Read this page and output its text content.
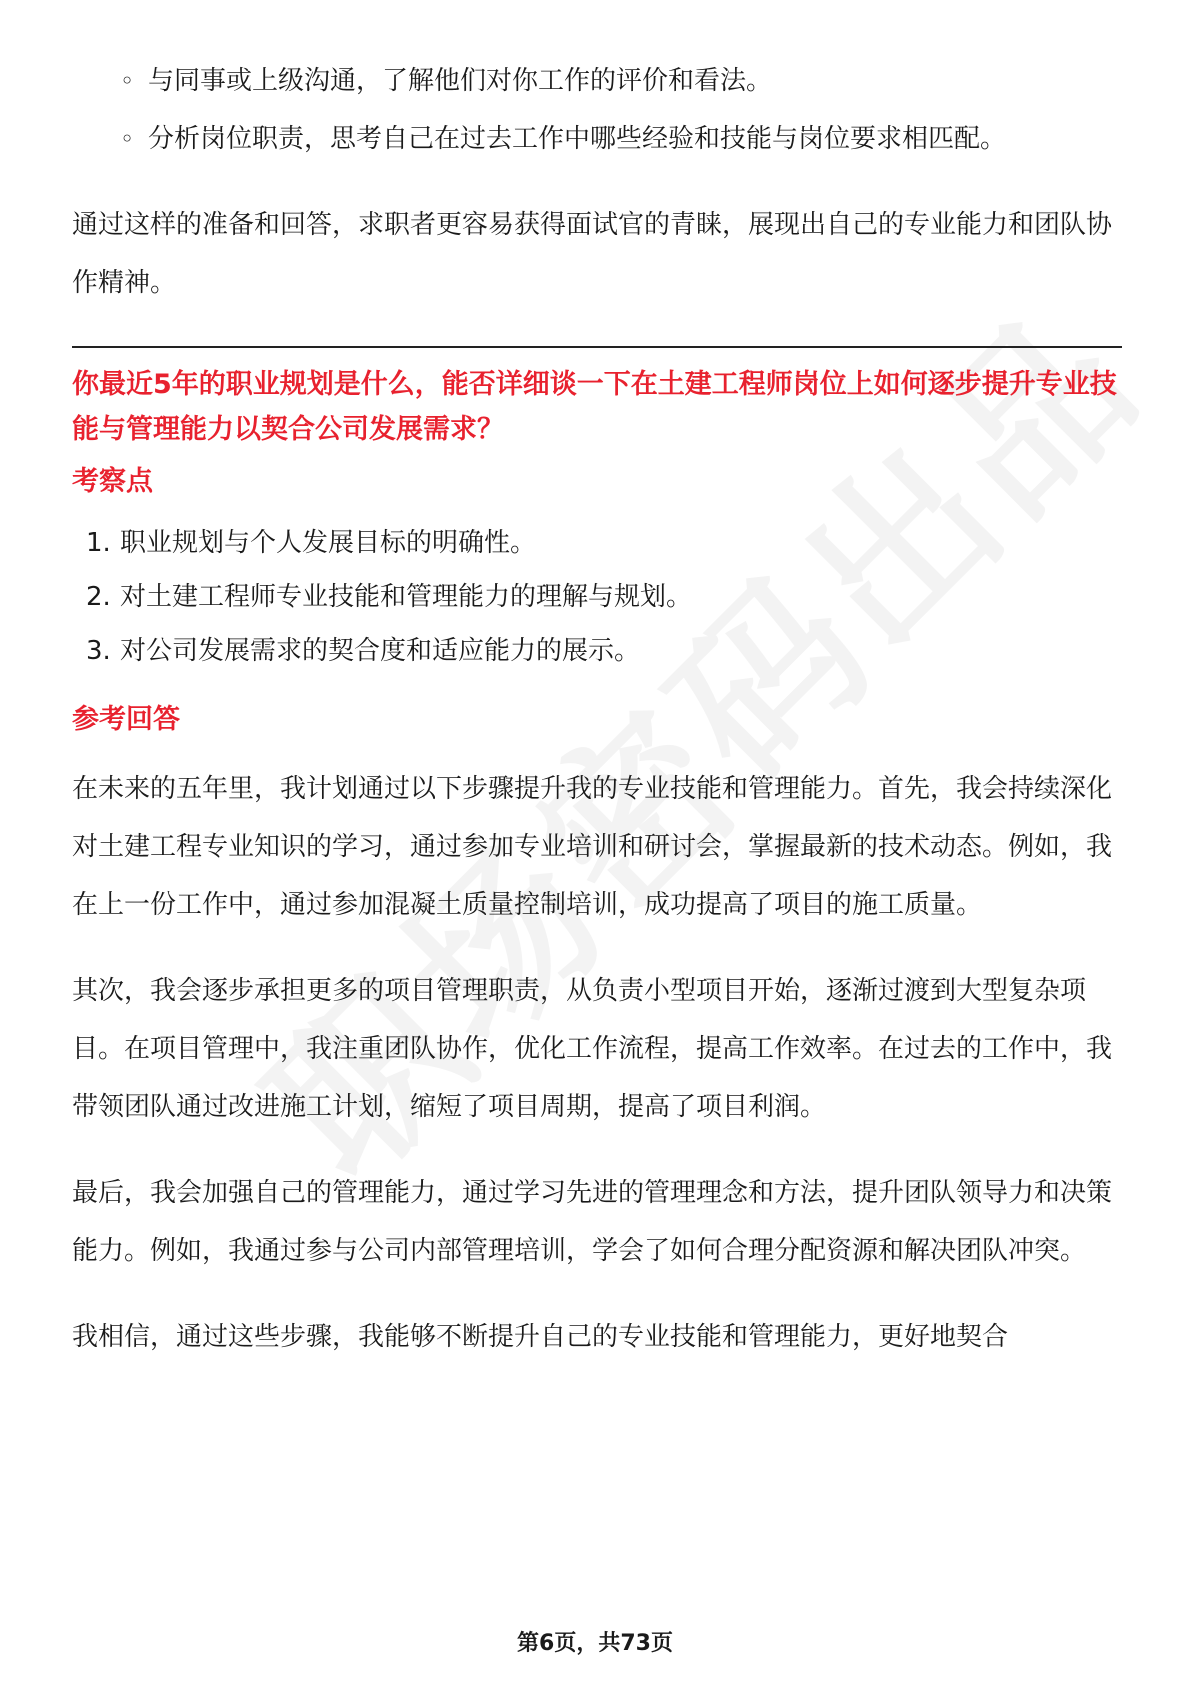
◦ 与同事或上级沟通，了解他们对你工作的评价和看法。
◦ 分析岗位职责，思考自己在过去工作中哪些经验和技能与岗位要求相匹配。

通过这样的准备和回答，求职者更容易获得面试官的青睐，展现出自己的专业能力和团队协作精神。

你最近5年的职业规划是什么，能否详细谈一下在土建工程师岗位上如何逐步提升专业技能与管理能力以契合公司发展需求？
考察点
1. 职业规划与个人发展目标的明确性。
2. 对土建工程师专业技能和管理能力的理解与规划。
3. 对公司发展需求的契合度和适应能力的展示。
参考回答

在未来的五年里，我计划通过以下步骤提升我的专业技能和管理能力。首先，我会持续深化对土建工程专业知识的学习，通过参加专业培训和研讨会，掌握最新的技术动态。例如，我在上一份工作中，通过参加混凝土质量控制培训，成功提高了项目的施工质量。

其次，我会逐步承担更多的项目管理职责，从负责小型项目开始，逐渐过渡到大型复杂项目。在项目管理中，我注重团队协作，优化工作流程，提高工作效率。在过去的工作中，我带领团队通过改进施工计划，缩短了项目周期，提高了项目利润。

最后，我会加强自己的管理能力，通过学习先进的管理理念和方法，提升团队领导力和决策能力。例如，我通过参与公司内部管理培训，学会了如何合理分配资源和解决团队冲突。

我相信，通过这些步骤，我能够不断提升自己的专业技能和管理能力，更好地契合

第6页，共73页
